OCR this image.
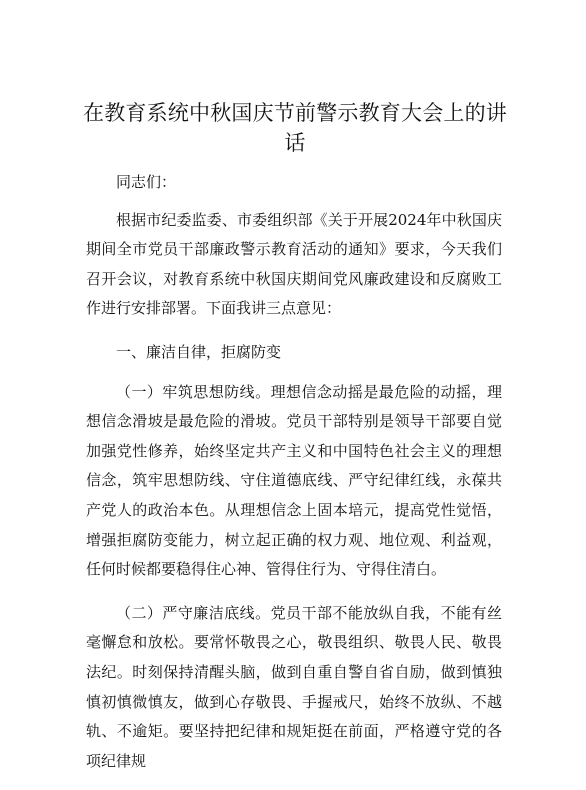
在教育系统中秋国庆节前警示教育大会上的讲话

同志们：

根据市纪委监委、市委组织部《关于开展2024年中秋国庆期间全市党员干部廉政警示教育活动的通知》要求，今天我们召开会议，对教育系统中秋国庆期间党风廉政建设和反腐败工作进行安排部署。下面我讲三点意见：

一、廉洁自律，拒腐防变

（一）牢筑思想防线。理想信念动摇是最危险的动摇，理想信念滑坡是最危险的滑坡。党员干部特别是领导干部要自觉加强党性修养，始终坚定共产主义和中国特色社会主义的理想信念，筑牢思想防线、守住道德底线、严守纪律红线，永葆共产党人的政治本色。从理想信念上固本培元，提高党性觉悟，增强拒腐防变能力，树立起正确的权力观、地位观、利益观，任何时候都要稳得住心神、管得住行为、守得住清白。

（二）严守廉洁底线。党员干部不能放纵自我，不能有丝毫懈怠和放松。要常怀敬畏之心，敬畏组织、敬畏人民、敬畏法纪。时刻保持清醒头脑，做到自重自警自省自励，做到慎独慎初慎微慎友，做到心存敬畏、手握戒尺，始终不放纵、不越轨、不逾矩。要坚持把纪律和规矩挺在前面，严格遵守党的各项纪律规
